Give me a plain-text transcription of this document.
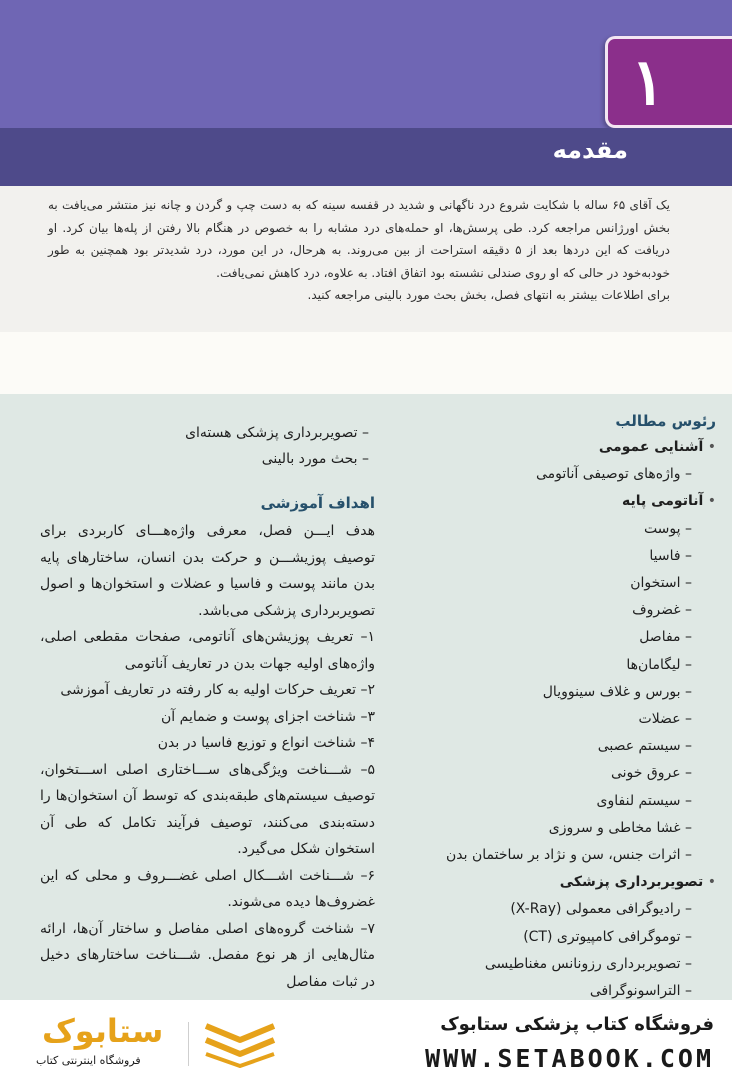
۱
مقدمه

یک آقای ۶۵ ساله با شکایت شروع درد ناگهانی و شدید در قفسه سینه که به دست چپ و گردن و چانه نیز منتشر می‌یافت به بخش اورژانس مراجعه کرد. طی پرسش‌ها، او حمله‌های درد مشابه را به خصوص در هنگام بالا رفتن از پله‌ها بیان کرد. او دریافت که این دردها بعد از ۵ دقیقه استراحت از بین می‌روند. به هرحال، در این مورد، درد شدیدتر بود همچنین به طور خودبه‌خود در حالی که او روی صندلی نشسته بود اتفاق افتاد. به علاوه، درد کاهش نمی‌یافت.

برای اطلاعات بیشتر به انتهای فصل، بخش بحث مورد بالینی مراجعه کنید.

رئوس مطالب
• آشنایی عمومی
– واژه‌های توصیفی آناتومی
• آناتومی پایه
– پوست
– فاسیا
– استخوان
– غضروف
– مفاصل
– لیگامان‌ها
– بورس و غلاف سینوویال
– عضلات
– سیستم عصبی
– عروق خونی
– سیستم لنفاوی
– غشا مخاطی و سروزی
– اثرات جنس، سن و نژاد بر ساختمان بدن
• تصویربرداری پزشکی
– رادیوگرافی معمولی (X-Ray)
– توموگرافی کامپیوتری (CT)
– تصویربرداری رزونانس مغناطیسی
– التراسونوگرافی
– تصویربرداری پزشکی هسته‌ای
– بحث مورد بالینی
اهداف آموزشی

هدف ایـــن فصل، معرفی واژه‌هـــای کاربردی برای توصیف پوزیشـــن و حرکت بدن انسان، ساختارهای پایه بدن مانند پوست و فاسیا و عضلات و استخوان‌ها و اصول تصویربرداری پزشکی می‌باشد.

۱– تعریف پوزیشن‌های آناتومی، صفحات مقطعی اصلی، واژه‌های اولیه جهات بدن در تعاریف آناتومی
۲– تعریف حرکات اولیه به کار رفته در تعاریف آموزشی
۳– شناخت اجزای پوست و ضمایم آن
۴– شناخت انواع و توزیع فاسیا در بدن
۵– شـــناخت ویژگی‌های ســـاختاری اصلی اســـتخوان، توصیف سیستم‌های طبقه‌بندی که توسط آن استخوان‌ها را دسته‌بندی می‌کنند، توصیف فرآیند تکامل که طی آن استخوان شکل می‌گیرد.
۶– شـــناخت اشـــکال اصلی غضـــروف و محلی که این غضروف‌ها دیده می‌شوند.
۷– شناخت گروه‌های اصلی مفاصل و ساختار آن‌ها، ارائه مثال‌هایی از هر نوع مفصل. شـــناخت ساختارهای دخیل در ثبات مفاصل
فروشگاه کتاب پزشکی ستابوک
WWW.SETABOOK.COM
ستابوک
فروشگاه اینترنتی کتاب
